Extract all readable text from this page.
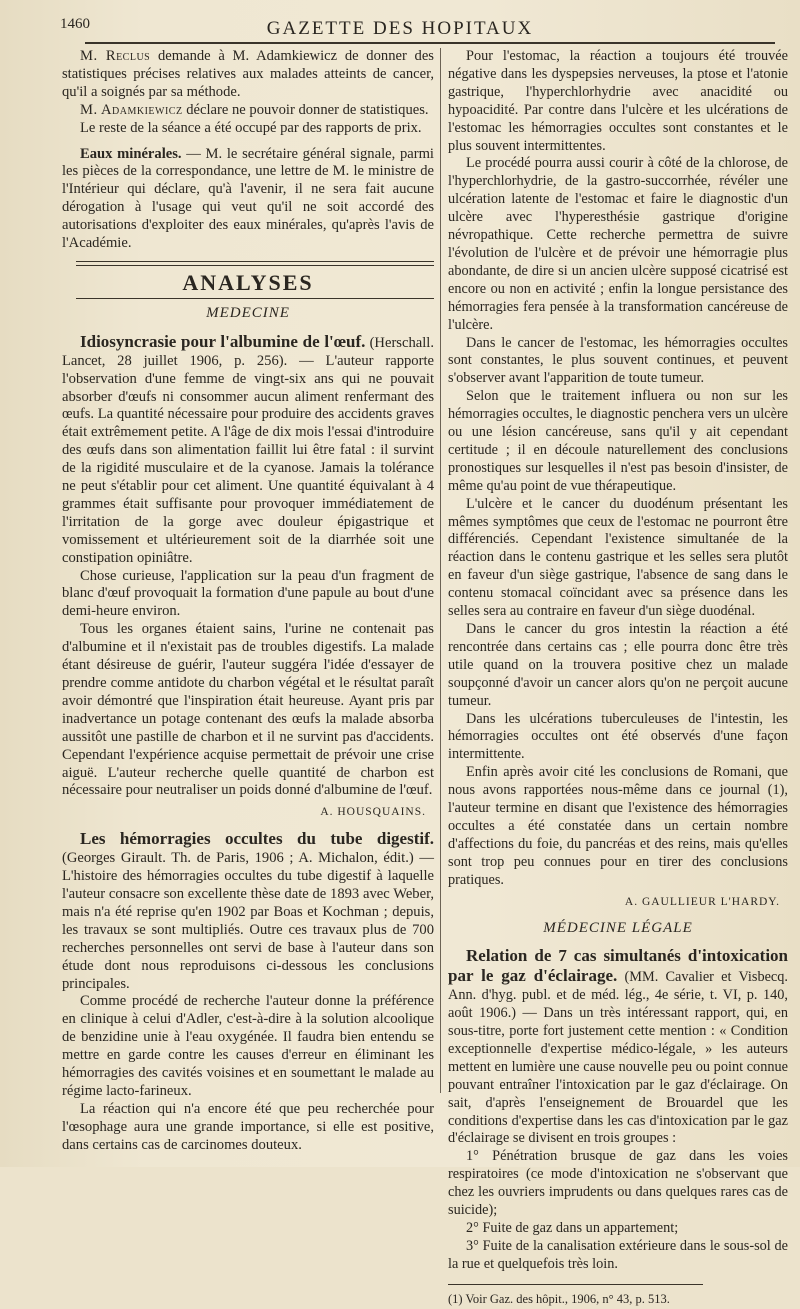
1460	GAZETTE DES HOPITAUX

M. Reclus demande à M. Adamkiewicz de donner des statistiques précises relatives aux malades atteints de cancer, qu'il a soignés par sa méthode.

M. Adamkiewicz déclare ne pouvoir donner de statistiques.

Le reste de la séance a été occupé par des rapports de prix.

Eaux minérales. — M. le secrétaire général signale, parmi les pièces de la correspondance, une lettre de M. le ministre de l'Intérieur qui déclare, qu'à l'avenir, il ne sera fait aucune dérogation à l'usage qui veut qu'il ne soit accordé des autorisations d'exploiter des eaux minérales, qu'après l'avis de l'Académie.

ANALYSES
MEDECINE

Idiosyncrasie pour l'albumine de l'œuf. (Herschall. Lancet, 28 juillet 1906, p. 256). — L'auteur rapporte l'observation d'une femme de vingt-six ans qui ne pouvait absorber d'œufs ni consommer aucun aliment renfermant des œufs. La quantité nécessaire pour produire des accidents graves était extrêmement petite. A l'âge de dix mois l'essai d'introduire des œufs dans son alimentation faillit lui être fatal : il survint de la rigidité musculaire et de la cyanose. Jamais la tolérance ne peut s'établir pour cet aliment. Une quantité équivalant à 4 grammes était suffisante pour provoquer immédiatement de l'irritation de la gorge avec douleur épigastrique et vomissement et ultérieurement soit de la diarrhée soit une constipation opiniâtre.

Chose curieuse, l'application sur la peau d'un fragment de blanc d'œuf provoquait la formation d'une papule au bout d'une demi-heure environ.

Tous les organes étaient sains, l'urine ne contenait pas d'albumine et il n'existait pas de troubles digestifs. La malade étant désireuse de guérir, l'auteur suggéra l'idée d'essayer de prendre comme antidote du charbon végétal et le résultat paraît avoir démontré que l'inspiration était heureuse. Ayant pris par inadvertance un potage contenant des œufs la malade absorba aussitôt une pastille de charbon et il ne survint pas d'accidents. Cependant l'expérience acquise permettait de prévoir une crise aiguë. L'auteur recherche quelle quantité de charbon est nécessaire pour neutraliser un poids donné d'albumine de l'œuf.

A. HOUSQUAINS.

Les hémorragies occultes du tube digestif. (Georges Girault. Th. de Paris, 1906 ; A. Michalon, édit.) — L'histoire des hémorragies occultes du tube digestif à laquelle l'auteur consacre son excellente thèse date de 1893 avec Weber, mais n'a été reprise qu'en 1902 par Boas et Kochman ; depuis, les travaux se sont multipliés. Outre ces travaux plus de 700 recherches personnelles ont servi de base à l'auteur dans son étude dont nous reproduisons ci-dessous les conclusions principales.

Comme procédé de recherche l'auteur donne la préférence en clinique à celui d'Adler, c'est-à-dire à la solution alcoolique de benzidine unie à l'eau oxygénée. Il faudra bien entendu se mettre en garde contre les causes d'erreur en éliminant les hémorragies des cavités voisines et en soumettant le malade au régime lacto-farineux.

La réaction qui n'a encore été que peu recherchée pour l'œsophage aura une grande importance, si elle est positive, dans certains cas de carcinomes douteux.

Pour l'estomac, la réaction a toujours été trouvée négative dans les dyspepsies nerveuses, la ptose et l'atonie gastrique, l'hyperchlorhydrie avec anacidité ou hypoacidité. Par contre dans l'ulcère et les ulcérations de l'estomac les hémorragies occultes sont constantes et le plus souvent intermittentes.

Le procédé pourra aussi courir à côté de la chlorose, de l'hyperchlorhydrie, de la gastro-succorrhée, révéler une ulcération latente de l'estomac et faire le diagnostic d'un ulcère avec l'hyperesthésie gastrique d'origine névropathique. Cette recherche permettra de suivre l'évolution de l'ulcère et de prévoir une hémorragie plus abondante, de dire si un ancien ulcère supposé cicatrisé est encore ou non en activité ; enfin la longue persistance des hémorragies fera pensée à la transformation cancéreuse de l'ulcère.

Dans le cancer de l'estomac, les hémorragies occultes sont constantes, le plus souvent continues, et peuvent s'observer avant l'apparition de toute tumeur.

Selon que le traitement influera ou non sur les hémorragies occultes, le diagnostic penchera vers un ulcère ou une lésion cancéreuse, sans qu'il y ait cependant certitude ; il en découle naturellement des conclusions pronostiques sur lesquelles il n'est pas besoin d'insister, de même qu'au point de vue thérapeutique.

L'ulcère et le cancer du duodénum présentant les mêmes symptômes que ceux de l'estomac ne pourront être différenciés. Cependant l'existence simultanée de la réaction dans le contenu gastrique et les selles sera plutôt en faveur d'un siège gastrique, l'absence de sang dans le contenu stomacal coïncidant avec sa présence dans les selles sera au contraire en faveur d'un siège duodénal.

Dans le cancer du gros intestin la réaction a été rencontrée dans certains cas ; elle pourra donc être très utile quand on la trouvera positive chez un malade soupçonné d'avoir un cancer alors qu'on ne perçoit aucune tumeur.

Dans les ulcérations tuberculeuses de l'intestin, les hémorragies occultes ont été observés d'une façon intermittente.

Enfin après avoir cité les conclusions de Romani, que nous avons rapportées nous-même dans ce journal (1), l'auteur termine en disant que l'existence des hémorragies occultes a été constatée dans un certain nombre d'affections du foie, du pancréas et des reins, mais qu'elles sont trop peu connues pour en tirer des conclusions pratiques.

A. GAULLIEUR L'HARDY.
MÉDECINE LÉGALE

Relation de 7 cas simultanés d'intoxication par le gaz d'éclairage. (MM. Cavalier et Visbecq. Ann. d'hyg. publ. et de méd. lég., 4e série, t. VI, p. 140, août 1906.) — Dans un très intéressant rapport, qui, en sous-titre, porte fort justement cette mention : « Condition exceptionnelle d'expertise médico-légale, » les auteurs mettent en lumière une cause nouvelle peu ou point connue pouvant entraîner l'intoxication par le gaz d'éclairage. On sait, d'après l'enseignement de Brouardel que les conditions d'expertise dans les cas d'intoxication par le gaz d'éclairage se divisent en trois groupes :

1° Pénétration brusque de gaz dans les voies respiratoires (ce mode d'intoxication ne s'observant que chez les ouvriers imprudents ou dans quelques rares cas de suicide);

2° Fuite de gaz dans un appartement;

3° Fuite de la canalisation extérieure dans le sous-sol de la rue et quelquefois très loin.

(1) Voir Gaz. des hôpit., 1906, n° 43, p. 513.
